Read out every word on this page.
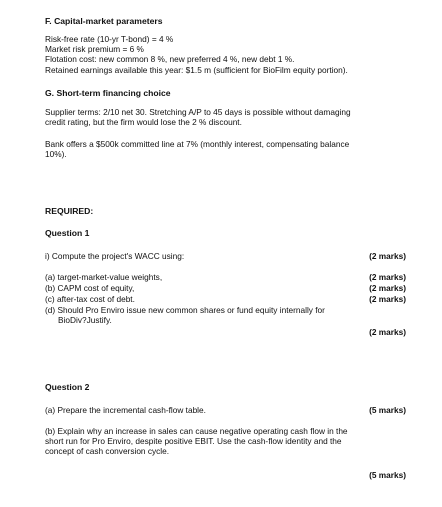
F. Capital-market parameters
Risk-free rate (10-yr T-bond) = 4 %
Market risk premium = 6 %
Flotation cost: new common 8 %, new preferred 4 %, new debt 1 %.
Retained earnings available this year: $1.5 m (sufficient for BioFilm equity portion).
G. Short-term financing choice
Supplier terms: 2/10 net 30. Stretching A/P to 45 days is possible without damaging
credit rating, but the firm would lose the 2 % discount.
Bank offers a $500k committed line at 7% (monthly interest, compensating balance
10%).
REQUIRED:
Question 1
i) Compute the project's WACC using:	(2 marks)
(a) target-market-value weights,	(2 marks)
(b) CAPM cost of equity,	(2 marks)
(c) after-tax cost of debt.	(2 marks)
(d) Should Pro Enviro issue new common shares or fund equity internally for
BioDiv?Justify.
(2 marks)
Question 2
(a) Prepare the incremental cash-flow table.	(5 marks)
(b) Explain why an increase in sales can cause negative operating cash flow in the
short run for Pro Enviro, despite positive EBIT. Use the cash-flow identity and the
concept of cash conversion cycle.
(5 marks)
